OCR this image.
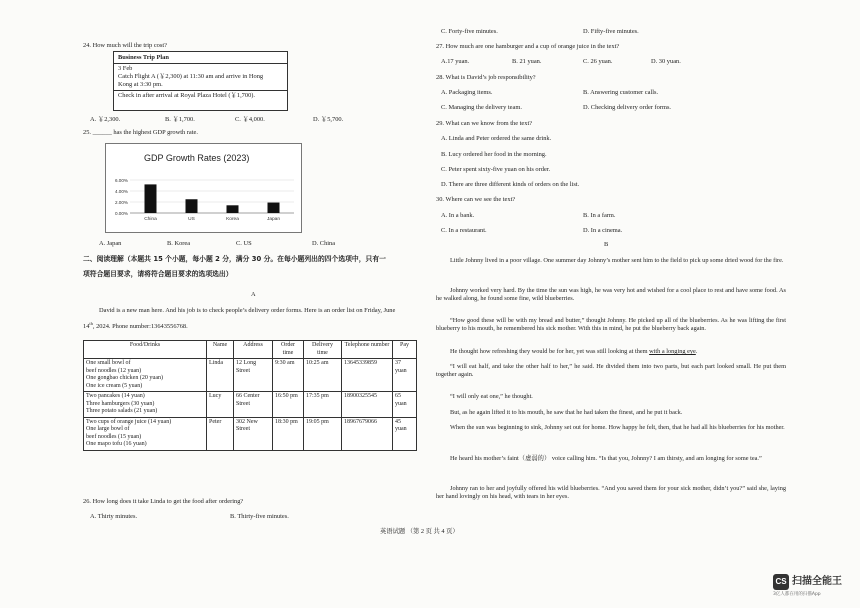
24. How much will the trip cost?
Business Trip Plan
3 Feb
Catch Flight A (￥2,300) at 11:30 am and arrive in Hong
Kong at 3:30 pm.
Check in after arrival at Royal Plaza Hotel (￥1,700).
A. ￥2,300.	B. ￥1,700.	C. ￥4,000.	D. ￥5,700.
25. ______ has the highest GDP growth rate.
GDP Growth Rates (2023)
0.00%
2.00%
4.00%
6.00%
China	US	Korea	Japan
A. Japan	B. Korea	C. US	D. China
二、阅读理解（本题共 15 个小题，每小题 2 分，满分 30 分。在每小题列出的四个选项中，只有一
项符合题目要求，请将符合题目要求的选项选出）
A
David is a new man here. And his job is to check people’s delivery order forms. Here is an order list on Friday, June
14th, 2024. Phone number:13643556768.
Food/Drinks	Name	Address	Order time	Delivery time	Telephone number	Pay

One small bowl of
beef noodles (12 yuan)
One gongbao chicken (20 yuan)
One ice cream (5 yuan)	Linda	12 Long Street	9:30 am	10:25 am	13645339859	37 yuan

Two pancakes (14 yuan)
Three hamburgers (30 yuan)
Three potato salads (21 yuan)	Lucy	66 Center Street	16:50 pm	17:35 pm	18900325545	65 yuan

Two cups of orange juice (14 yuan)
One large bowl of
beef noodles (15 yuan)
One mapo tofu (16 yuan)	Peter	302 New Street	18:30 pm	19:05 pm	18967679066	45 yuan
26. How long does it take Linda to get the food after ordering?
A. Thirty minutes.	B. Thirty-five minutes.
C. Forty-five minutes.	D. Fifty-five minutes.
27. How much are one hamburger and a cup of orange juice in the text?
A.17 yuan.	B. 21 yuan.	C. 26 yuan.	D. 30 yuan.
28. What is David’s job responsibility?
A. Packaging items.	B. Answering customer calls.
C. Managing the delivery team.	D. Checking delivery order forms.
29. What can we know from the text?
A. Linda and Peter ordered the same drink.
B. Lucy ordered her food in the morning.
C. Peter spent sixty-five yuan on his order.
D. There are three different kinds of orders on the list.
30. Where can we see the text?
A. In a bank.	B. In a farm.
C. In a restaurant.	D. In a cinema.
B
Little Johnny lived in a poor village. One summer day Johnny’s mother sent him to the field to pick up some dried wood for the fire.
Johnny worked very hard. By the time the sun was high, he was very hot and wished for a cool place to rest and have some food. As he walked along, he found some fine, wild blueberries.
“How good these will be with my bread and butter,” thought Johnny. He picked up all of the blueberries. As he was lifting the first blueberry to his mouth, he remembered his sick mother. With this in mind, he put the blueberry back again.
He thought how refreshing they would be for her, yet was still looking at them with a longing eye.
“I will eat half, and take the other half to her,” he said. He divided them into two parts, but each part looked small. He put them together again.
“I will only eat one,” he thought.
But, as he again lifted it to his mouth, he saw that he had taken the finest, and he put it back.
When the sun was beginning to sink, Johnny set out for home. How happy he felt, then, that he had all his blueberries for his mother.
He heard his mother’s faint（虚弱的） voice calling him. “Is that you, Johnny? I am thirsty, and am longing for some tea.”
Johnny ran to her and joyfully offered his wild blueberries. “And you saved them for your sick mother, didn’t you?” said she, laying her hand lovingly on his head, with tears in her eyes.
英语试题 （第 2 页 共 4 页）
CS 扫描全能王
3亿人都在用的扫描App
